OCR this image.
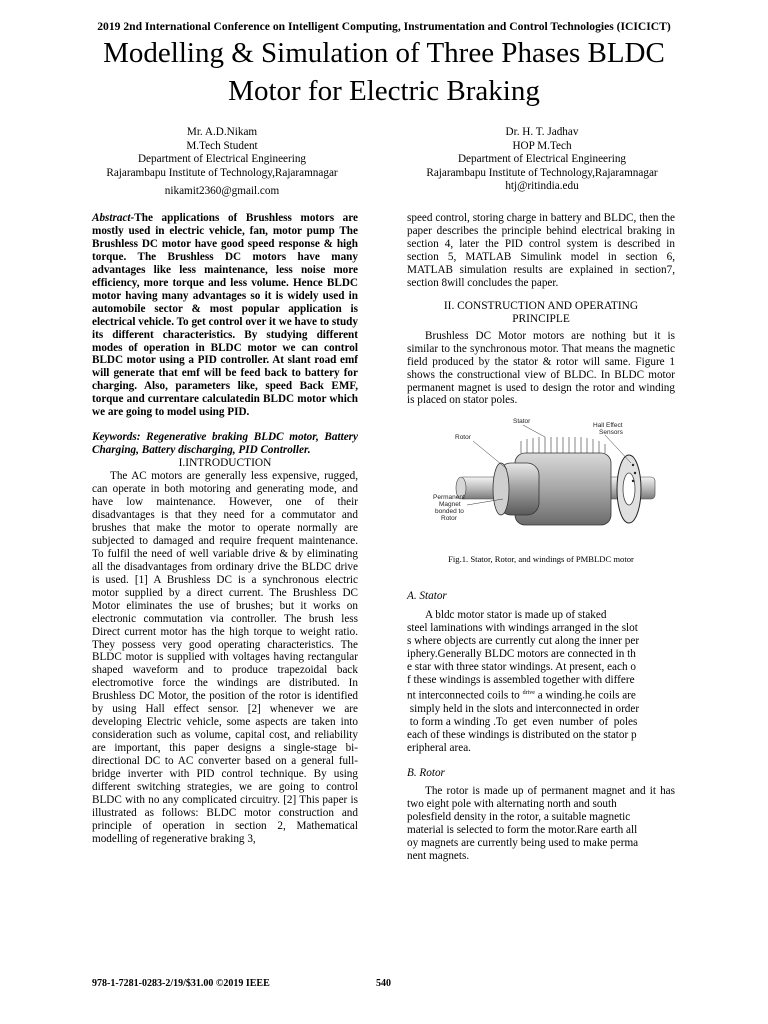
2019 2nd International Conference on Intelligent Computing, Instrumentation and Control Technologies (ICICICT)
Modelling & Simulation of Three Phases BLDC
Motor for Electric Braking
Mr. A.D.Nikam
M.Tech Student
Department of Electrical Engineering
Rajarambapu Institute of Technology,Rajaramnagar
nikamit2360@gmail.com
Dr. H. T. Jadhav
HOP M.Tech
Department of Electrical Engineering
Rajarambapu Institute of Technology,Rajaramnagar
htj@ritindia.edu

Abstract-The applications of Brushless motors are mostly used in electric vehicle, fan, motor pump The Brushless DC motor have good speed response & high torque. The Brushless DC motors have many advantages like less maintenance, less noise more efficiency, more torque and less volume. Hence BLDC motor having many advantages so it is widely used in automobile sector & most popular application is electrical vehicle. To get control over it we have to study its different characteristics. By studying different modes of operation in BLDC motor we can control BLDC motor using a PID controller. At slant road emf will generate that emf will be feed back to battery for charging. Also, parameters like, speed Back EMF, torque and currentare calculatedin BLDC motor which we are going to model using PID.

Keywords: Regenerative braking BLDC motor, Battery Charging, Battery discharging, PID Controller.

I.INTRODUCTION

The AC motors are generally less expensive, rugged, can operate in both motoring and generating mode, and have low maintenance. However, one of their disadvantages is that they need for a commutator and brushes that make the motor to operate normally are subjected to damaged and require frequent maintenance. To fulfil the need of well variable drive & by eliminating all the disadvantages from ordinary drive the BLDC drive is used. [1] A Brushless DC is a synchronous electric motor supplied by a direct current. The Brushless DC Motor eliminates the use of brushes; but it works on electronic commutation via controller. The brush less Direct current motor has the high torque to weight ratio. They possess very good operating characteristics. The BLDC motor is supplied with voltages having rectangular shaped waveform and to produce trapezoidal back electromotive force the windings are distributed. In Brushless DC Motor, the position of the rotor is identified by using Hall effect sensor. [2] whenever we are developing Electric vehicle, some aspects are taken into consideration such as volume, capital cost, and reliability are important, this paper designs a single-stage bi-directional DC to AC converter based on a general full-bridge inverter with PID control technique. By using different switching strategies, we are going to control BLDC with no any complicated circuitry. [2] This paper is illustrated as follows: BLDC motor construction and principle of operation in section 2, Mathematical modelling of regenerative braking 3,

speed control, storing charge in battery and BLDC, then the paper describes the principle behind electrical braking in section 4, later the PID control system is described in section 5, MATLAB Simulink model in section 6, MATLAB simulation results are explained in section7, section 8will concludes the paper.

II. CONSTRUCTION AND OPERATING
PRINCIPLE

Brushless DC Motor motors are nothing but it is similar to the synchronous motor. That means the magnetic field produced by the stator & rotor will same. Figure 1 shows the constructional view of BLDC. In BLDC motor permanent magnet is used to design the rotor and winding is placed on stator poles.

Stator
Rotor
Hall Effect
Sensors
Permanent
Magnet
bonded to
Rotor

Fig.1. Stator, Rotor, and windings of PMBLDC motor

A. Stator

A bldc motor stator is made up of staked
steel laminations with windings arranged in the slot
s where objects are currently cut along the inner per
iphery.Generally BLDC motors are connected in th
e star with three stator windings. At present, each o
f these windings is assembled together with differe
nt interconnected coils to $^{drive}$ a winding.he coils are
simply held in the slots and interconnected in order
to form a winding .To  get  even  number  of  poles
each of these windings is distributed on the stator p
eripheral area.

B. Rotor

The rotor is made up of permanent magnet and it has two eight pole with alternating north and south

polesfield density in the rotor, a suitable magnetic
material is selected to form the motor.Rare earth all
oy magnets are currently being used to make perma
nent magnets.
978-1-7281-0283-2/19/$31.00 ©2019 IEEE	540
